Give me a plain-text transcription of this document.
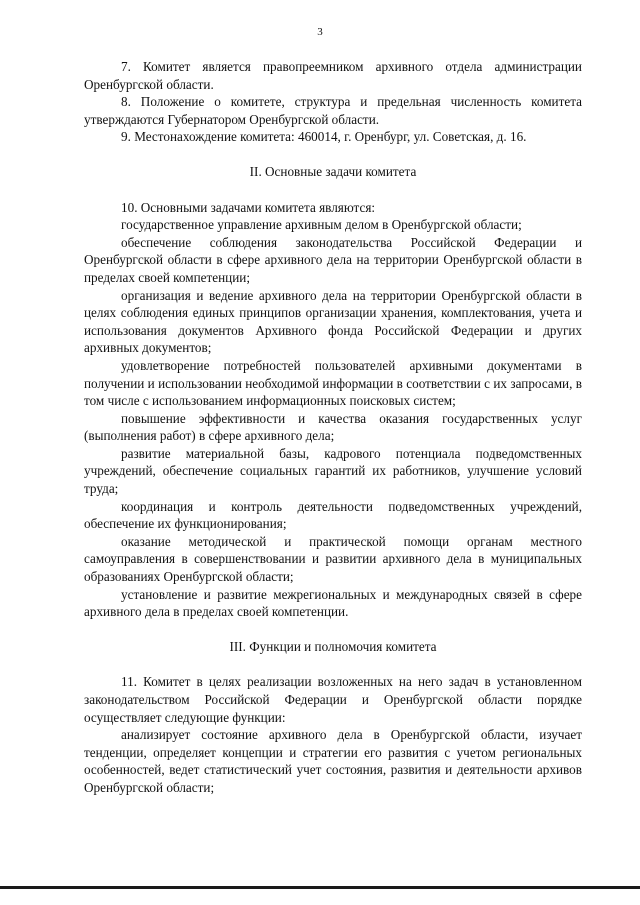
3

7. Комитет является правопреемником архивного отдела администрации Оренбургской области.

8. Положение о комитете, структура и предельная численность комитета утверждаются Губернатором Оренбургской области.

9. Местонахождение комитета: 460014, г. Оренбург, ул. Советская, д. 16.

II. Основные задачи комитета

10. Основными задачами комитета являются:

государственное управление архивным делом в Оренбургской области;

обеспечение соблюдения законодательства Российской Федерации и Оренбургской области в сфере архивного дела на территории Оренбургской области в пределах своей компетенции;

организация и ведение архивного дела на территории Оренбургской области в целях соблюдения единых принципов организации хранения, комплектования, учета и использования документов Архивного фонда Российской Федерации и других архивных документов;

удовлетворение потребностей пользователей архивными документами в получении и использовании необходимой информации в соответствии с их запросами, в том числе с использованием информационных поисковых систем;

повышение эффективности и качества оказания государственных услуг (выполнения работ) в сфере архивного дела;

развитие материальной базы, кадрового потенциала подведомственных учреждений, обеспечение социальных гарантий их работников, улучшение условий труда;

координация и контроль деятельности подведомственных учреждений, обеспечение их функционирования;

оказание методической и практической помощи органам местного самоуправления в совершенствовании и развитии архивного дела в муниципальных образованиях Оренбургской области;

установление и развитие межрегиональных и международных связей в сфере архивного дела в пределах своей компетенции.

III. Функции и полномочия комитета

11. Комитет в целях реализации возложенных на него задач в установленном законодательством Российской Федерации и Оренбургской области порядке осуществляет следующие функции:

анализирует состояние архивного дела в Оренбургской области, изучает тенденции, определяет концепции и стратегии его развития с учетом региональных особенностей, ведет статистический учет состояния, развития и деятельности архивов Оренбургской области;
